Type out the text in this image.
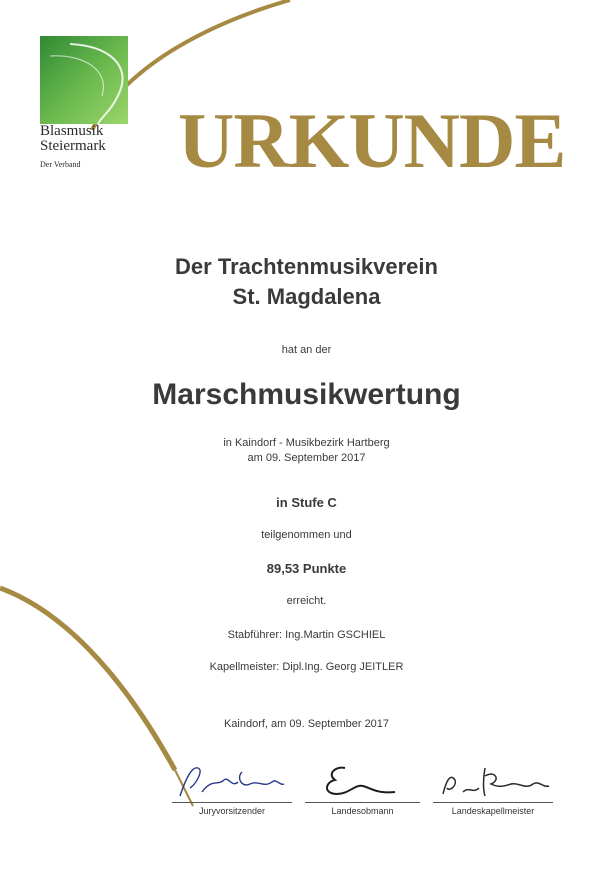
Blasmusik
Steiermark
Der Verband	URKUNDE
Der Trachtenmusikverein
St. Magdalena

hat an der

Marschmusikwertung

in Kaindorf - Musikbezirk Hartberg

am 09. September 2017

in Stufe C

teilgenommen und

89,53 Punkte

erreicht.

Stabführer: Ing.Martin GSCHIEL

Kapellmeister: Dipl.Ing. Georg JEITLER

Kaindorf, am 09. September 2017

Juryvorsitzender	Landesobmann	Landeskapellmeister
